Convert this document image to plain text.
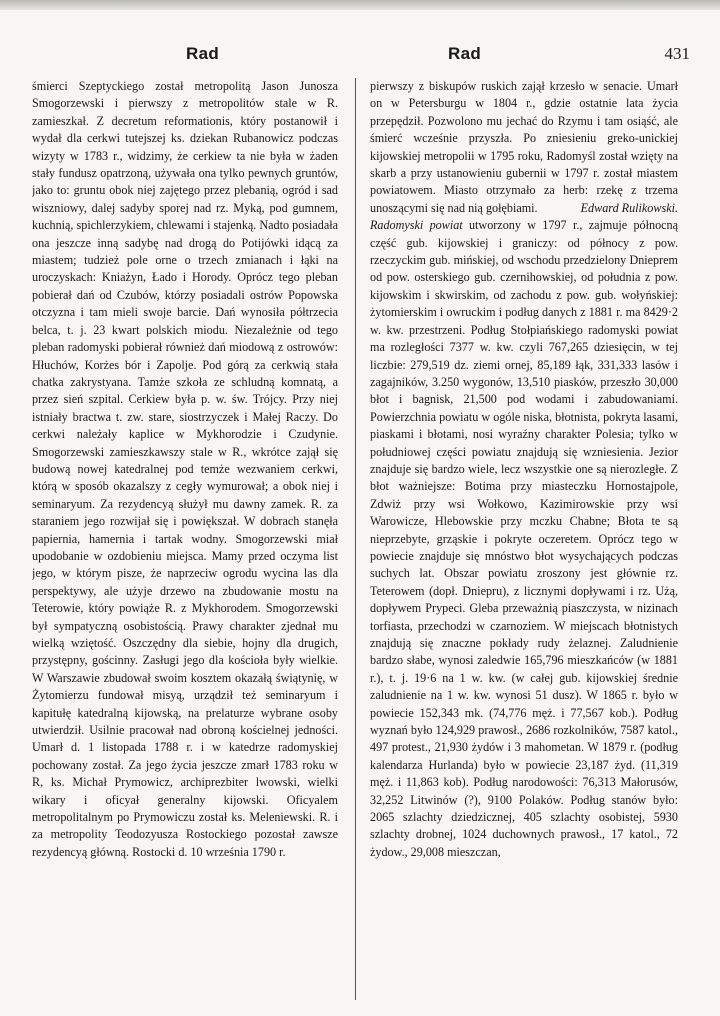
Rad	Rad	431

śmierci Szeptyckiego został metropolitą Jason Junosza Smogorzewski i pierwszy z metropolitów stale w R. zamieszkał. Z decretum reformationis, który postanowił i wydał dla cerkwi tutejszej ks. dziekan Rubanowicz podczas wizyty w 1783 r., widzimy, że cerkiew ta nie była w żaden stały fundusz opatrzoną, używała ona tylko pewnych gruntów, jako to: gruntu obok niej zajętego przez plebanią, ogród i sad wiszniowy, dalej sadyby sporej nad rz. Myką, pod gumnem, kuchnią, spichlerzykiem, chlewami i stajenką. Nadto posiadała ona jeszcze inną sadybę nad drogą do Potijówki idącą za miastem; tudzież pole orne o trzech zmianach i łąki na uroczyskach: Kniażyn, Łado i Horody. Oprócz tego pleban pobierał dań od Czubów, którzy posiadali ostrów Popowska otczyzna i tam mieli swoje barcie. Dań wynosiła półtrzecia belca, t. j. 23 kwart polskich miodu. Niezależnie od tego pleban radomyski pobierał również dań miodową z ostrowów: Hłuchów, Korżes bór i Zapolje. Pod górą za cerkwią stała chatka zakrystyana. Tamże szkoła ze schludną komnatą, a przez sień szpital. Cerkiew była p. w. św. Trójcy. Przy niej istniały bractwa t. zw. stare, siostrzyczek i Małej Raczy. Do cerkwi należały kaplice w Mykhorodzie i Czudynie. Smogorzewski zamieszkawszy stale w R., wkrótce zajął się budową nowej katedralnej pod temże wezwaniem cerkwi, którą w sposób okazalszy z cegły wymurował; a obok niej i seminaryum. Za rezydencyą służył mu dawny zamek. R. za staraniem jego rozwijał się i powiększał. W dobrach stanęła papiernia, hamernia i tartak wodny. Smogorzewski miał upodobanie w ozdobieniu miejsca. Mamy przed oczyma list jego, w którym pisze, że naprzeciw ogrodu wycina las dla perspektywy, ale użyje drzewo na zbudowanie mostu na Teterowie, który powiąże R. z Mykhorodem. Smogorzewski był sympatyczną osobistością. Prawy charakter zjednał mu wielką wziętość. Oszczędny dla siebie, hojny dla drugich, przystępny, gościnny. Zasługi jego dla kościoła były wielkie. W Warszawie zbudował swoim kosztem okazałą świątynię, w Żytomierzu fundował misyą, urządził też seminaryum i kapitułę katedralną kijowską, na prelaturze wybrane osoby utwierdził. Usilnie pracował nad obroną kościelnej jedności. Umarł d. 1 listopada 1788 r. i w katedrze radomyskiej pochowany został. Za jego życia jeszcze zmarł 1783 roku w R, ks. Michał Prymowicz, archiprezbiter lwowski, wielki wikary i oficyał generalny kijowski. Oficyalem metropolitalnym po Prymowiczu został ks. Meleniewski. R. i za metropolity Teodozyusza Rostockiego pozostał zawsze rezydencyą główną. Rostocki d. 10 września 1790 r.

pierwszy z biskupów ruskich zajął krzesło w senacie. Umarł on w Petersburgu w 1804 r., gdzie ostatnie lata życia przepędził. Pozwolono mu jechać do Rzymu i tam osiąść, ale śmierć wcześnie przyszła. Po zniesieniu greko-unickiej kijowskiej metropolii w 1795 roku, Radomyśl został wzięty na skarb a przy ustanowieniu gubernii w 1797 r. został miastem powiatowem. Miasto otrzymało za herb: rzekę z trzema unoszącymi się nad nią gołębiami.	Edward Rulikowski.

Radomyski powiat utworzony w 1797 r., zajmuje północną część gub. kijowskiej i graniczy: od północy z pow. rzeczyckim gub. mińskiej, od wschodu przedzielony Dnieprem od pow. osterskiego gub. czernihowskiej, od południa z pow. kijowskim i skwirskim, od zachodu z pow. gub. wołyńskiej: żytomierskim i owruckim i podług danych z 1881 r. ma 8429·2 w. kw. przestrzeni. Podług Stołpiańskiego radomyski powiat ma rozległości 7377 w. kw. czyli 767,265 dziesięcin, w tej liczbie: 279,519 dz. ziemi ornej, 85,189 łąk, 331,333 lasów i zagajników, 3.250 wygonów, 13,510 piasków, przeszło 30,000 błot i bagnisk, 21,500 pod wodami i zabudowaniami. Powierzchnia powiatu w ogóle niska, błotnista, pokryta lasami, piaskami i błotami, nosi wyraźny charakter Polesia; tylko w południowej części powiatu znajdują się wzniesienia. Jezior znajduje się bardzo wiele, lecz wszystkie one są nierozległe. Z błot ważniejsze: Botima przy miasteczku Hornostajpole, Zdwiż przy wsi Wołkowo, Kazimirowskie przy wsi Warowicze, Hlebowskie przy mczku Chabne; Błota te są nieprzebyte, grząskie i pokryte oczeretem. Oprócz tego w powiecie znajduje się mnóstwo błot wysychających podczas suchych lat. Obszar powiatu zroszony jest głównie rz. Teterowem (dopł. Dniepru), z licznymi dopływami i rz. Użą, dopływem Prypeci. Gleba przeważnią piaszczysta, w nizinach torfiasta, przechodzi w czarnoziem. W miejscach błotnistych znajdują się znaczne pokłady rudy żelaznej. Zaludnienie bardzo słabe, wynosi zaledwie 165,796 mieszkańców (w 1881 r.), t. j. 19·6 na 1 w. kw. (w całej gub. kijowskiej średnie zaludnienie na 1 w. kw. wynosi 51 dusz). W 1865 r. było w powiecie 152,343 mk. (74,776 męż. i 77,567 kob.). Podług wyznań było 124,929 prawosł., 2686 rozkolników, 7587 katol., 497 protest., 21,930 żydów i 3 mahometan. W 1879 r. (podług kalendarza Hurlanda) było w powiecie 23,187 żyd. (11,319 męż. i 11,863 kob). Podług narodowości: 76,313 Małorusów, 32,252 Litwinów (?), 9100 Polaków. Podług stanów było: 2065 szlachty dziedzicznej, 405 szlachty osobistej, 5930 szlachty drobnej, 1024 duchownych prawosł., 17 katol., 72 żydow., 29,008 mieszczan,
